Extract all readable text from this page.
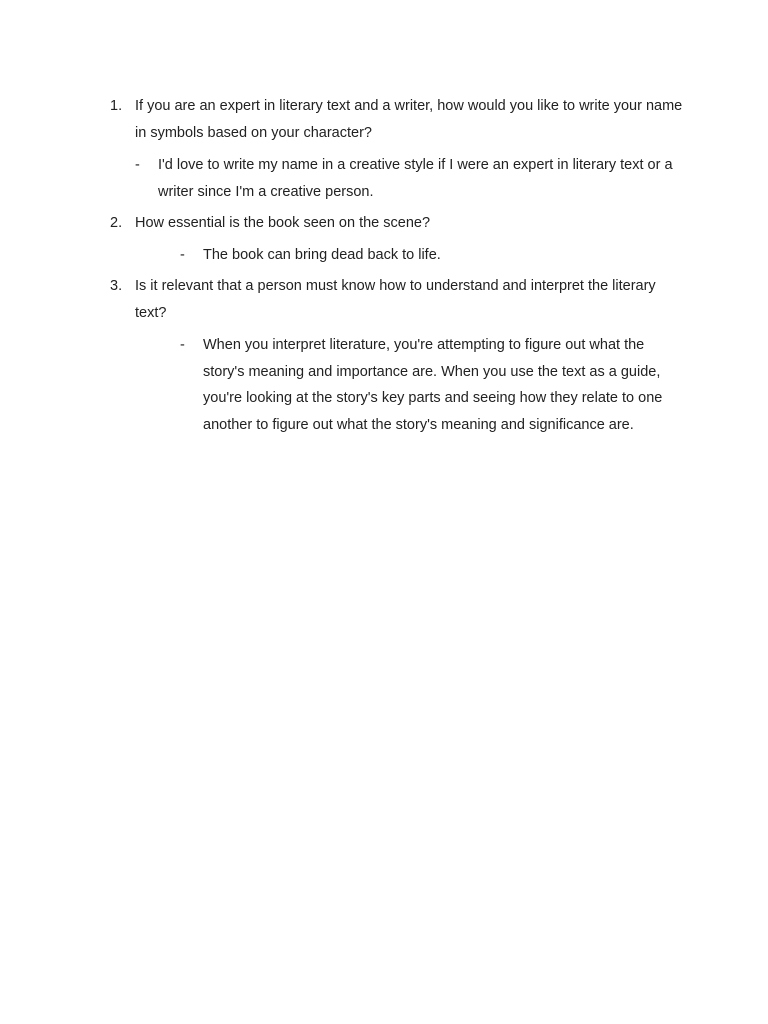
1. If you are an expert in literary text and a writer, how would you like to write your name in symbols based on your character?
- I'd love to write my name in a creative style if I were an expert in literary text or a writer since I'm a creative person.
2. How essential is the book seen on the scene?
- The book can bring dead back to life.
3. Is it relevant that a person must know how to understand and interpret the literary text?
- When you interpret literature, you're attempting to figure out what the story's meaning and importance are. When you use the text as a guide, you're looking at the story's key parts and seeing how they relate to one another to figure out what the story's meaning and significance are.
